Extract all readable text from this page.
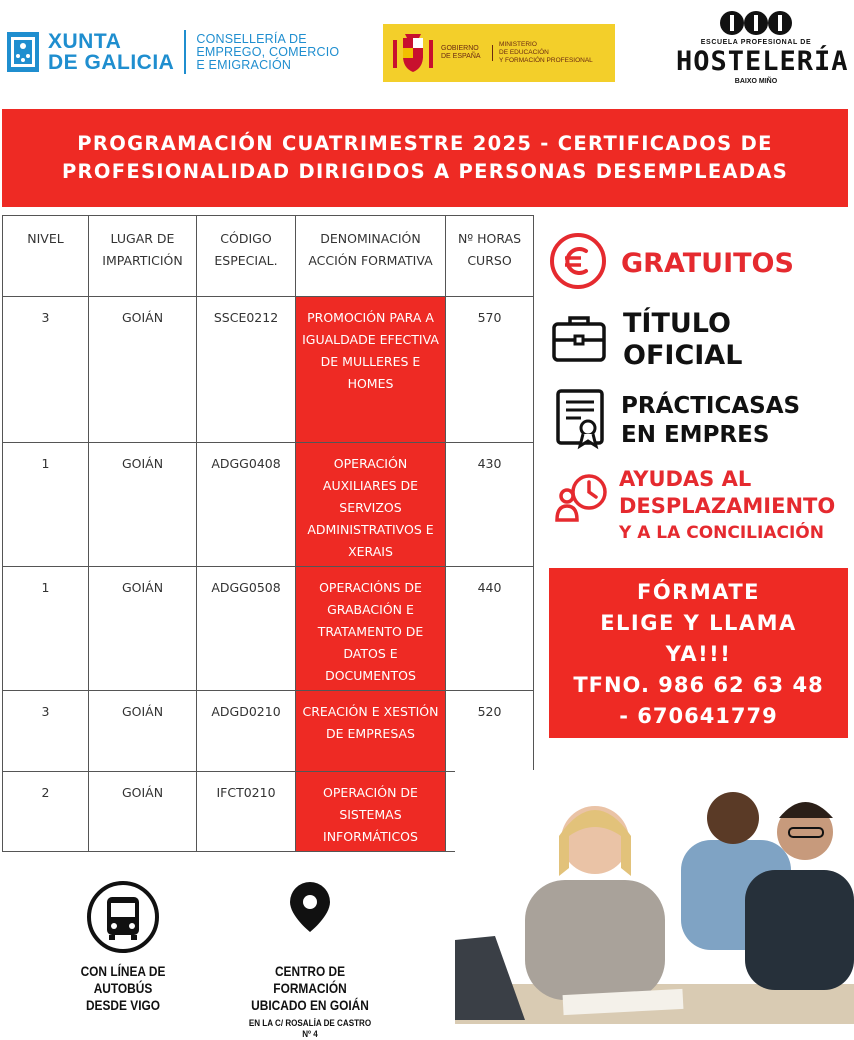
XUNTA
DE GALICIA
CONSELLERÍA DE
EMPREGO, COMERCIO
E EMIGRACIÓN
GOBIERNO
DE ESPAÑA
MINISTERIO
DE EDUCACIÓN
Y FORMACIÓN PROFESIONAL
ESCUELA PROFESIONAL DE
HOSTELERÍA
BAIXO MIÑO
PROGRAMACIÓN CUATRIMESTRE 2025 - CERTIFICADOS DE PROFESIONALIDAD DIRIGIDOS A PERSONAS DESEMPLEADAS
NIVEL	LUGAR DE IMPARTICIÓN	CÓDIGO ESPECIAL.	DENOMINACIÓN ACCIÓN FORMATIVA	Nº HORAS CURSO
3	GOIÁN	SSCE0212	PROMOCIÓN PARA A IGUALDADE EFECTIVA DE MULLERES E HOMES	570
1	GOIÁN	ADGG0408	OPERACIÓN AUXILIARES DE SERVIZOS ADMINISTRATIVOS E XERAIS	430
1	GOIÁN	ADGG0508	OPERACIÓNS DE GRABACIÓN E TRATAMENTO DE DATOS E DOCUMENTOS	440
3	GOIÁN	ADGD0210	CREACIÓN E XESTIÓN DE EMPRESAS	520
2	GOIÁN	IFCT0210	OPERACIÓN DE SISTEMAS INFORMÁTICOS	
GRATUITOS
TÍTULO
OFICIAL
PRÁCTICASAS
EN EMPRES
AYUDAS AL
DESPLAZAMIENTO
Y A LA CONCILIACIÓN
FÓRMATE
ELIGE Y LLAMA
YA!!!
TFNO. 986 62 63 48
- 670641779
CON LÍNEA DE AUTOBÚS
DESDE VIGO
CENTRO DE FORMACIÓN
UBICADO EN GOIÁN
EN LA C/ ROSALÍA DE CASTRO Nº 4
